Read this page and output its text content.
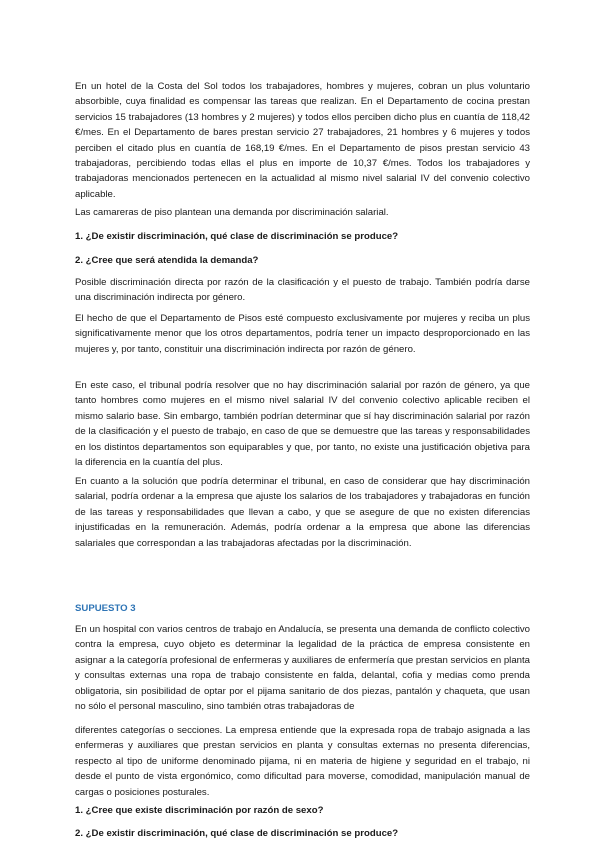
En un hotel de la Costa del Sol todos los trabajadores, hombres y mujeres, cobran un plus voluntario absorbible, cuya finalidad es compensar las tareas que realizan. En el Departamento de cocina prestan servicios 15 trabajadores (13 hombres y 2 mujeres) y todos ellos perciben dicho plus en cuantía de 118,42 €/mes. En el Departamento de bares prestan servicio 27 trabajadores, 21 hombres y 6 mujeres y todos perciben el citado plus en cuantía de 168,19 €/mes. En el Departamento de pisos prestan servicio 43 trabajadoras, percibiendo todas ellas el plus en importe de 10,37 €/mes. Todos los trabajadores y trabajadoras mencionados pertenecen en la actualidad al mismo nivel salarial IV del convenio colectivo aplicable.

Las camareras de piso plantean una demanda por discriminación salarial.

1. ¿De existir discriminación, qué clase de discriminación se produce?

2. ¿Cree que será atendida la demanda?

Posible discriminación directa por razón de la clasificación y el puesto de trabajo. También podría darse una discriminación indirecta por género.

El hecho de que el Departamento de Pisos esté compuesto exclusivamente por mujeres y reciba un plus significativamente menor que los otros departamentos, podría tener un impacto desproporcionado en las mujeres y, por tanto, constituir una discriminación indirecta por razón de género.

En este caso, el tribunal podría resolver que no hay discriminación salarial por razón de género, ya que tanto hombres como mujeres en el mismo nivel salarial IV del convenio colectivo aplicable reciben el mismo salario base. Sin embargo, también podrían determinar que sí hay discriminación salarial por razón de la clasificación y el puesto de trabajo, en caso de que se demuestre que las tareas y responsabilidades en los distintos departamentos son equiparables y que, por tanto, no existe una justificación objetiva para la diferencia en la cuantía del plus.

En cuanto a la solución que podría determinar el tribunal, en caso de considerar que hay discriminación salarial, podría ordenar a la empresa que ajuste los salarios de los trabajadores y trabajadoras en función de las tareas y responsabilidades que llevan a cabo, y que se asegure de que no existen diferencias injustificadas en la remuneración. Además, podría ordenar a la empresa que abone las diferencias salariales que correspondan a las trabajadoras afectadas por la discriminación.

SUPUESTO 3

En un hospital con varios centros de trabajo en Andalucía, se presenta una demanda de conflicto colectivo contra la empresa, cuyo objeto es determinar la legalidad de la práctica de empresa consistente en asignar a la categoría profesional de enfermeras y auxiliares de enfermería que prestan servicios en planta y consultas externas una ropa de trabajo consistente en falda, delantal, cofia y medias como prenda obligatoria, sin posibilidad de optar por el pijama sanitario de dos piezas, pantalón y chaqueta, que usan no sólo el personal masculino, sino también otras trabajadoras de

diferentes categorías o secciones. La empresa entiende que la expresada ropa de trabajo asignada a las enfermeras y auxiliares que prestan servicios en planta y consultas externas no presenta diferencias, respecto al tipo de uniforme denominado pijama, ni en materia de higiene y seguridad en el trabajo, ni desde el punto de vista ergonómico, como dificultad para moverse, comodidad, manipulación manual de cargas o posiciones posturales.

1. ¿Cree que existe discriminación por razón de sexo?

2. ¿De existir discriminación, qué clase de discriminación se produce?
